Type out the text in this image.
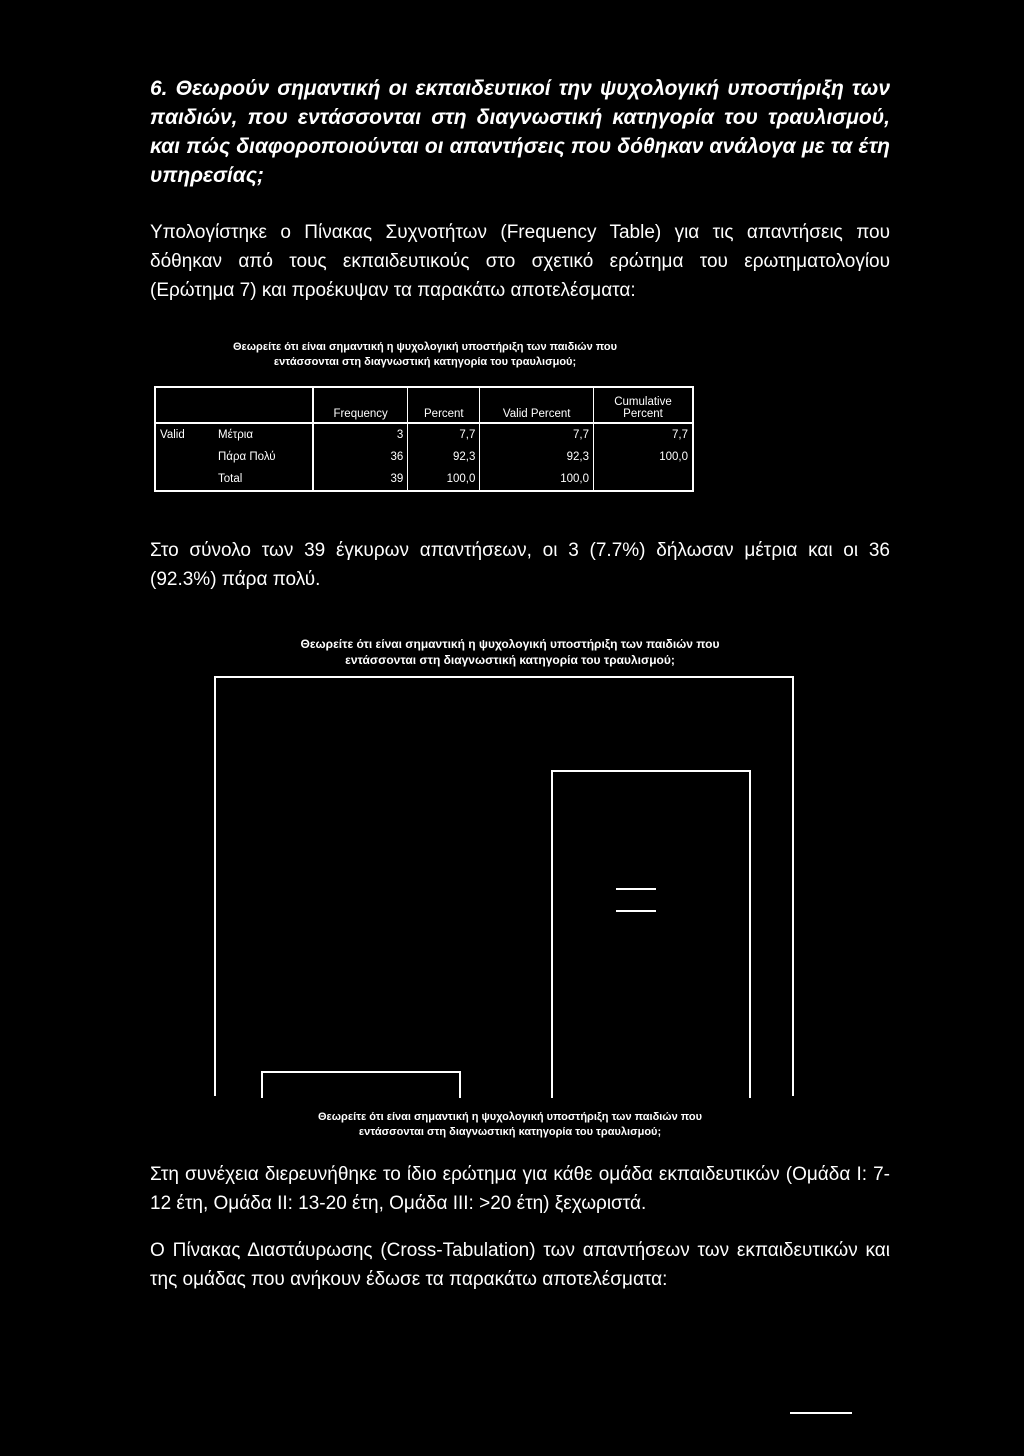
6. Θεωρούν σημαντική οι εκπαιδευτικοί την ψυχολογική υποστήριξη των παιδιών, που εντάσσονται στη διαγνωστική κατηγορία του τραυλισμού, και πώς διαφοροποιούνται οι απαντήσεις που δόθηκαν ανάλογα με τα έτη υπηρεσίας;
Υπολογίστηκε ο Πίνακας Συχνοτήτων (Frequency Table) για τις απαντήσεις που δόθηκαν από τους εκπαιδευτικούς στο σχετικό ερώτημα του ερωτηματολογίου (Ερώτημα 7) και προέκυψαν τα παρακάτω αποτελέσματα:
Θεωρείτε ότι είναι σημαντική η ψυχολογική υποστήριξη των παιδιών που
εντάσσονται στη διαγνωστική κατηγορία του τραυλισμού;
		Frequency	Percent	Valid Percent	Cumulative
Percent

Valid	Μέτρια	3	7,7	7,7	7,7
	Πάρα Πολύ	36	92,3	92,3	100,0
	Total	39	100,0	100,0	
Στο σύνολο των 39 έγκυρων απαντήσεων, οι 3 (7.7%) δήλωσαν μέτρια και οι 36 (92.3%) πάρα πολύ.
Θεωρείτε ότι είναι σημαντική η ψυχολογική υποστήριξη των παιδιών που
εντάσσονται στη διαγνωστική κατηγορία του τραυλισμού;
Θεωρείτε ότι είναι σημαντική η ψυχολογική υποστήριξη των παιδιών που
εντάσσονται στη διαγνωστική κατηγορία του τραυλισμού;
Στη συνέχεια διερευνήθηκε το ίδιο ερώτημα για κάθε ομάδα εκπαιδευτικών (Ομάδα Ι: 7-12 έτη, Ομάδα ΙΙ: 13-20 έτη, Ομάδα ΙΙΙ: >20 έτη) ξεχωριστά.
Ο Πίνακας Διαστάυρωσης (Cross-Tabulation) των απαντήσεων των εκπαιδευτικών και της ομάδας που ανήκουν έδωσε τα παρακάτω αποτελέσματα:
